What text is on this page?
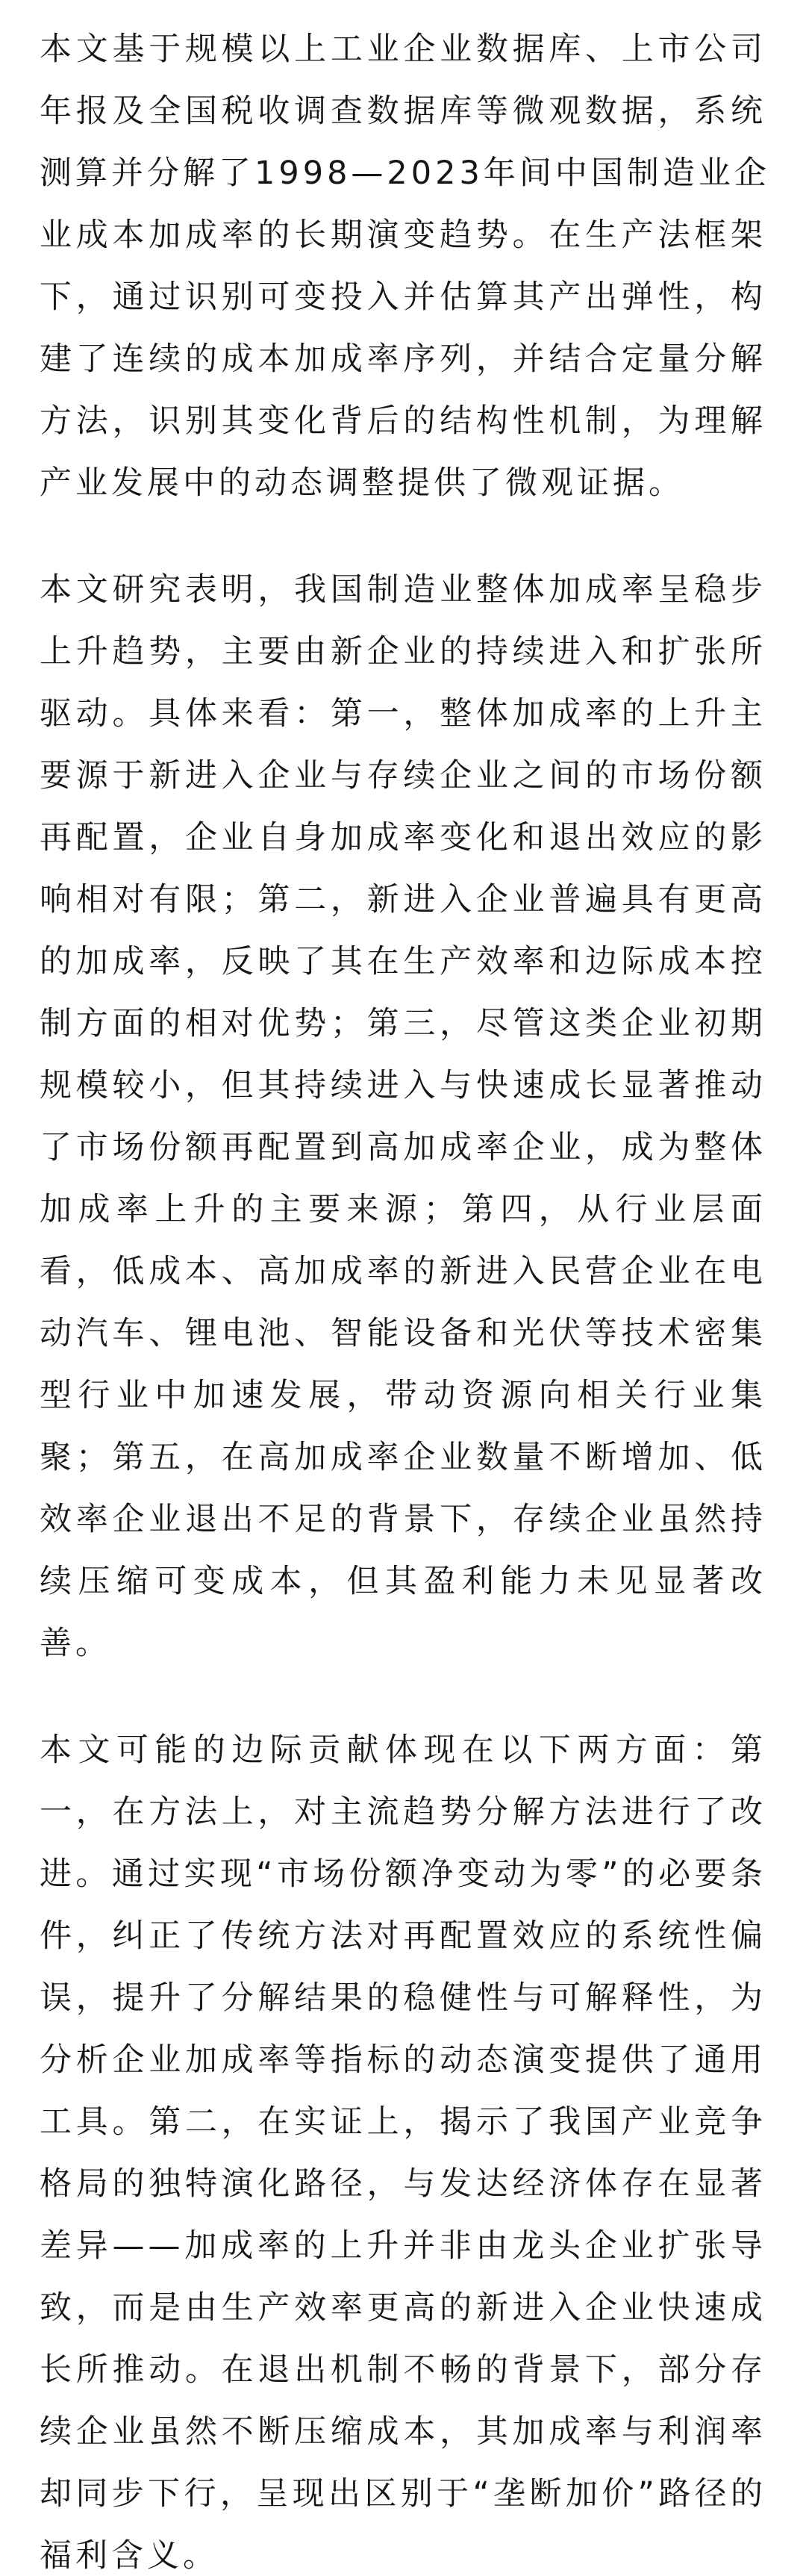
本文基于规模以上工业企业数据库、上市公司
年报及全国税收调查数据库等微观数据，系统
测算并分解了1998—2023年间中国制造业企
业成本加成率的长期演变趋势。在生产法框架
下，通过识别可变投入并估算其产出弹性，构
建了连续的成本加成率序列，并结合定量分解
方法，识别其变化背后的结构性机制，为理解
产业发展中的动态调整提供了微观证据。
本文研究表明，我国制造业整体加成率呈稳步
上升趋势，主要由新企业的持续进入和扩张所
驱动。具体来看：第一，整体加成率的上升主
要源于新进入企业与存续企业之间的市场份额
再配置，企业自身加成率变化和退出效应的影
响相对有限；第二，新进入企业普遍具有更高
的加成率，反映了其在生产效率和边际成本控
制方面的相对优势；第三，尽管这类企业初期
规模较小，但其持续进入与快速成长显著推动
了市场份额再配置到高加成率企业，成为整体
加成率上升的主要来源；第四，从行业层面
看，低成本、高加成率的新进入民营企业在电
动汽车、锂电池、智能设备和光伏等技术密集
型行业中加速发展，带动资源向相关行业集
聚；第五，在高加成率企业数量不断增加、低
效率企业退出不足的背景下，存续企业虽然持
续压缩可变成本，但其盈利能力未见显著改
善。
本文可能的边际贡献体现在以下两方面：第
一，在方法上，对主流趋势分解方法进行了改
进。通过实现“市场份额净变动为零”的必要条
件，纠正了传统方法对再配置效应的系统性偏
误，提升了分解结果的稳健性与可解释性，为
分析企业加成率等指标的动态演变提供了通用
工具。第二，在实证上，揭示了我国产业竞争
格局的独特演化路径，与发达经济体存在显著
差异——加成率的上升并非由龙头企业扩张导
致，而是由生产效率更高的新进入企业快速成
长所推动。在退出机制不畅的背景下，部分存
续企业虽然不断压缩成本，其加成率与利润率
却同步下行，呈现出区别于“垄断加价”路径的
福利含义。
